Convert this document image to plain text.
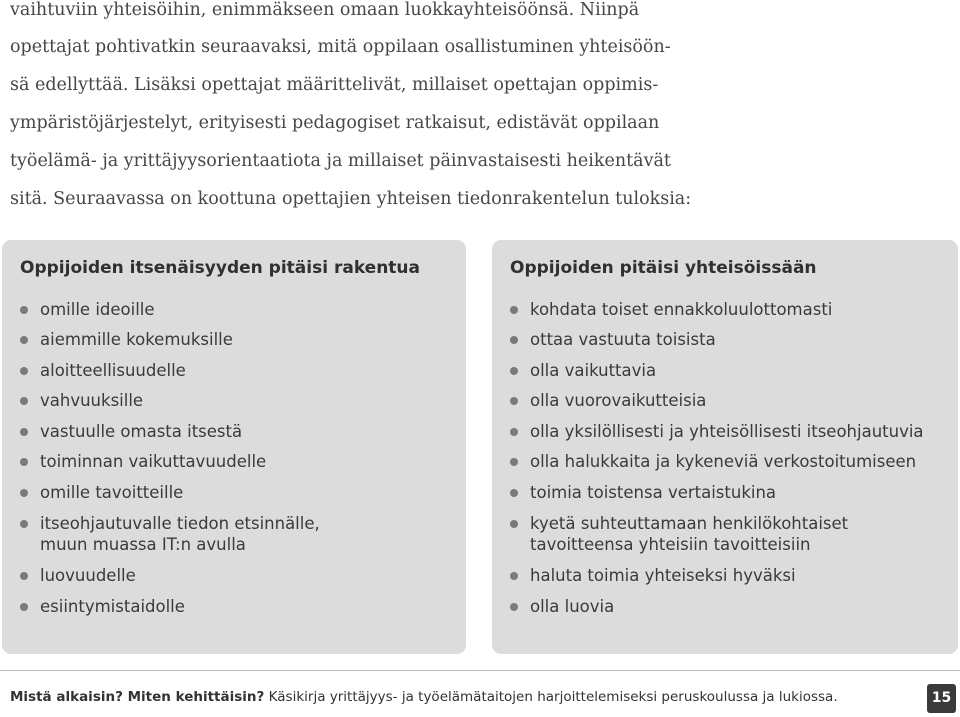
vaihtuviin yhteisöihin, enimmäkseen omaan luokkayhteisöönsä. Niinpä
opettajat pohtivatkin seuraavaksi, mitä oppilaan osallistuminen yhteisöön-
sä edellyttää. Lisäksi opettajat määrittelivät, millaiset opettajan oppimis-
ympäristöjärjestelyt, erityisesti pedagogiset ratkaisut, edistävät oppilaan
työelämä- ja yrittäjyysorientaatiota ja millaiset päinvastaisesti heikentävät
sitä. Seuraavassa on koottuna opettajien yhteisen tiedonrakentelun tuloksia:
Oppijoiden itsenäisyyden pitäisi rakentua
omille ideoille
aiemmille kokemuksille
aloitteellisuudelle
vahvuuksille
vastuulle omasta itsestä
toiminnan vaikuttavuudelle
omille tavoitteille
itseohjautuvalle tiedon etsinnälle,
muun muassa IT:n avulla
luovuudelle
esiintymistaidolle
Oppijoiden pitäisi yhteisöissään
kohdata toiset ennakkoluulottomasti
ottaa vastuuta toisista
olla vaikuttavia
olla vuorovaikutteisia
olla yksilöllisesti ja yhteisöllisesti itseohjautuvia
olla halukkaita ja kykeneviä verkostoitumiseen
toimia toistensa vertaistukina
kyetä suhteuttamaan henkilökohtaiset
tavoitteensa yhteisiin tavoitteisiin
haluta toimia yhteiseksi hyväksi
olla luovia
Mistä alkaisin? Miten kehittäisin? Käsikirja yrittäjyys- ja työelämätaitojen harjoittelemiseksi peruskoulussa ja lukiossa.	15
